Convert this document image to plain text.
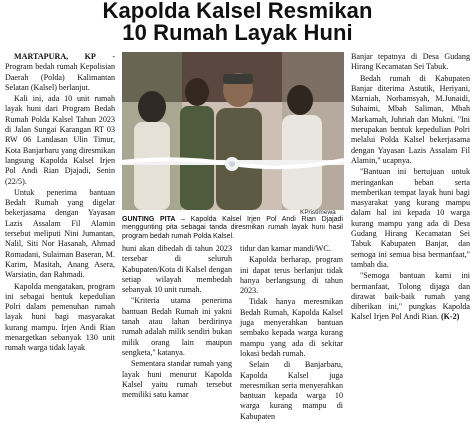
Kapolda Kalsel Resmikan
10 Rumah Layak Huni

MARTAPURA, KP - Program bedah rumah Kepolisian Daerah (Polda) Kalimantan Selatan (Kalsel) berlanjut.

Kali ini, ada 10 unit rumah layak huni dari Program Bedah Rumah Polda Kalsel Tahun 2023 di Jalan Sungai Karangan RT 03 RW 06 Landasan Ulin Timur, Kota Banjarbaru yang diresmikan langsung Kapolda Kalsel Irjen Pol Andi Rian Djajadi, Senin (22/5).

Untuk penerima bantuan Bedah Rumah yang digelar bekerjasama dengan Yayasan Lazis Assalam Fil Alamin tersebut meliputi Nini Jumantan, Nalil, Siti Nor Hasanah, Ahmad Romadani, Sulaiman Baseran, M. Karim, Masitah, Anang Asera, Warsiatin, dan Rahmadi.

Kapolda mengatakan, program ini sebagai bentuk kepedulian Polri dalam pemenuhan rumah layak huni bagi masyarakat kurang mampu. Irjen Andi Rian menargetkan sebanyak 130 unit rumah warga tidak layak

KP/istimewa
GUNTING PITA – Kapolda Kalsel Irjen Pol Andi Rian Djajadi menggunting pita sebagai tanda diresmikan rumah layak huni hasil program bedah rumah Polda Kalsel.

huni akan dibedah di tahun 2023 tersebar di seluruh Kabupaten/Kota di Kalsel dengan setiap wilayah membedah sebanyak 10 unit rumah.

"Kriteria utama penerima bantuan Bedah Rumah ini yakni tanah atau lahan berdirinya rumah adalah milik sendiri bukan milik orang lain maupun sengketa," katanya.

Sementara standar rumah yang layak huni menurut Kapolda Kalsel yaitu rumah tersebut memiliki satu kamar

tidur dan kamar mandi/WC.

Kapolda berharap, program ini dapat terus berlanjut tidak hanya berlangsung di tahun 2023.

Tidak hanya meresmikan Bedah Rumah, Kapolda Kalsel juga menyerahkan bantuan sembako kepada warga kurang mampu yang ada di sekitar lokasi bedah rumah.

Selain di Banjarbaru, Kapolda Kalsel juga meresmikan serta menyerahkan bantuan kepada warga 10 warga kurang mampu di Kabupaten

Banjar tepatnya di Desa Gudang Hirang Kecamatan Sei Tabuk.

Bedah rumah di Kabupaten Banjar diterima Astutik, Heriyani, Marniah, Norhamsyah, M.Junaidi, Suhaimi, Mbah Saliman, Mbah Markamah, Juhriah dan Mukni. "Ini merupakan bentuk kepedulian Polri melalui Polda Kalsel bekerjasama dengan Yayasan Lazis Assalam Fil Alamin," ucapnya.

"Bantuan ini bertujuan untuk meringankan beban serta memberikan tempat layak huni bagi masyarakat yang kurang mampu dalam hal ini kepada 10 warga kurang mampu yang ada di Desa Gudang Hirang Kecamatan Sei Tabuk Kabupaten Banjar, dan semoga ini semua bisa bermanfaat," tambah dia.

"Semoga bantuan kami ini bermanfaat, Tolong dijaga dan dirawat baik-baik rumah yang diberikan ini," pungkas Kapolda Kalsel Irjen Pol Andi Rian. (K-2)
